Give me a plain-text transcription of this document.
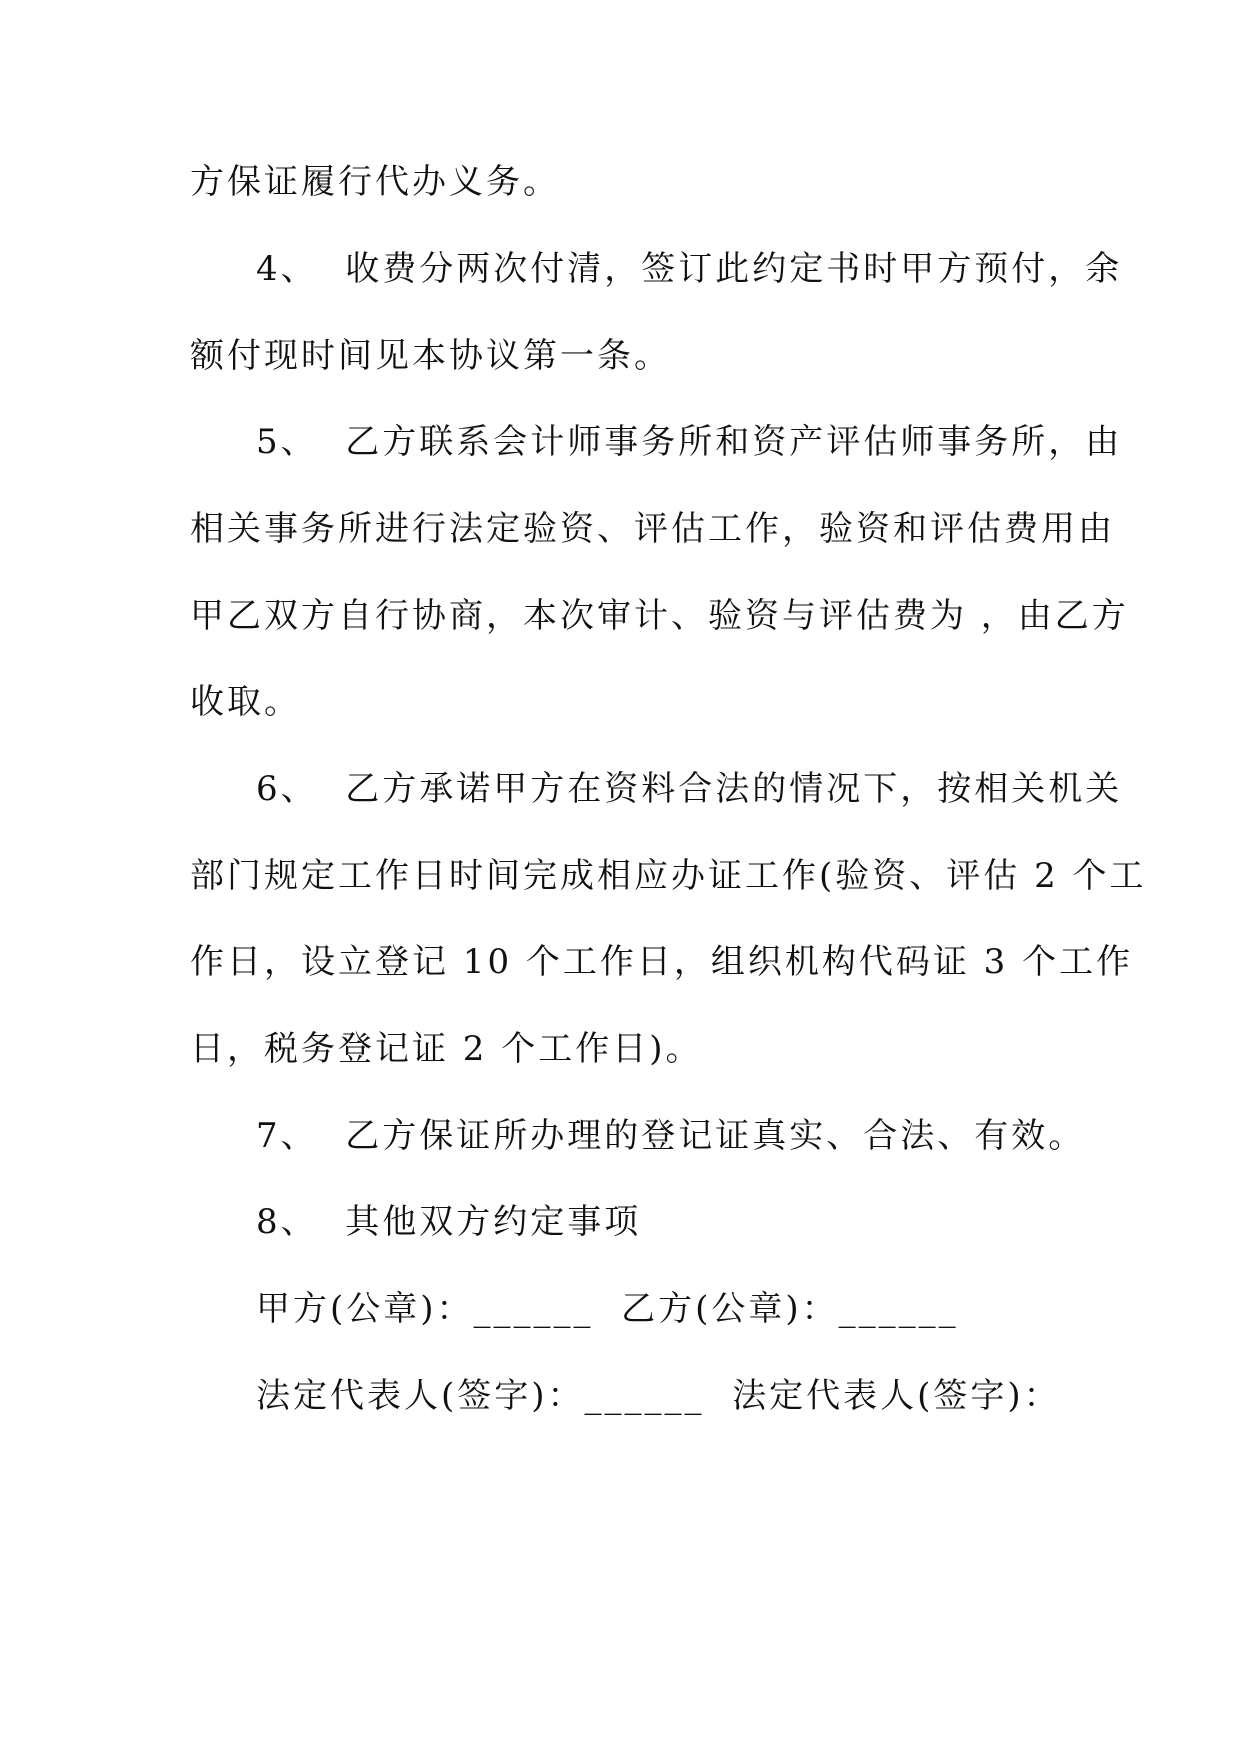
方保证履行代办义务。
4、  收费分两次付清，签订此约定书时甲方预付，余
额付现时间见本协议第一条。
5、  乙方联系会计师事务所和资产评估师事务所，由
相关事务所进行法定验资、评估工作，验资和评估费用由
甲乙双方自行协商，本次审计、验资与评估费为 ，由乙方
收取。
6、  乙方承诺甲方在资料合法的情况下，按相关机关
部门规定工作日时间完成相应办证工作(验资、评估 2 个工
作日，设立登记 10 个工作日，组织机构代码证 3 个工作
日，税务登记证 2 个工作日)。
7、  乙方保证所办理的登记证真实、合法、有效。
8、  其他双方约定事项
甲方(公章)：______  乙方(公章)：______
法定代表人(签字)：______  法定代表人(签字)：
